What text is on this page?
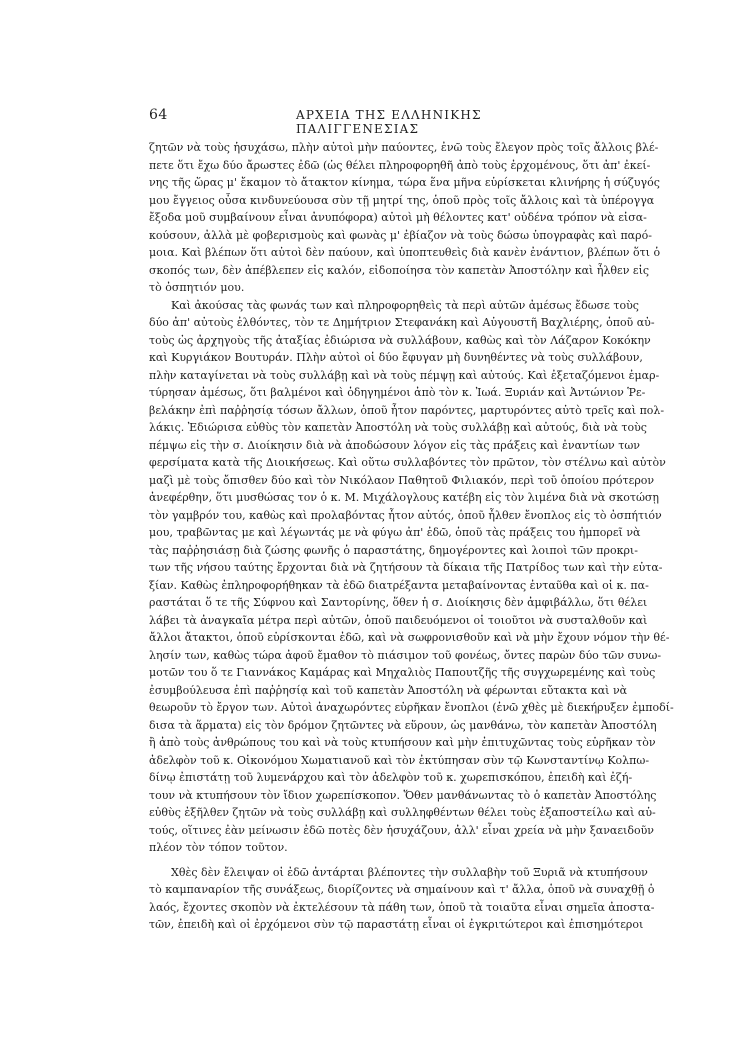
64	ΑΡΧΕΙΑ ΤΗΣ ΕΛΛΗΝΙΚΗΣ ΠΑΛΙΓΓΕΝΕΣΙΑΣ

ζητῶν νὰ τοὺς ἡσυχάσω, πλὴν αὐτοὶ μὴν παύοντες, ἐνῶ τοὺς ἔλεγον πρὸς τοῖς ἄλλοις βλέ-
πετε ὅτι ἔχω δύο ἄρωστες ἐδῶ (ὡς θέλει πληροφορηθῆ ἀπὸ τοὺς ἐρχομένους, ὅτι ἀπ' ἐκεί-
νης τῆς ὥρας μ' ἔκαμον τὸ ἄτακτον κίνημα, τώρα ἕνα μῆνα εὑρίσκεται κλινήρης ἡ σύζυγός
μου ἔγγειος οὖσα κινδυνεύουσα σὺν τῇ μητρί της, ὁποῦ πρὸς τοῖς ἄλλοις καὶ τὰ ὑπέρογγα
ἔξοδα μοῦ συμβαίνουν εἶναι ἀνυπόφορα) αὐτοὶ μὴ θέλοντες κατ' οὐδένα τρόπον νὰ εἰσα-
κούσουν, ἀλλὰ μὲ φοβερισμοὺς καὶ φωνὰς μ' ἐβίαζον νὰ τοὺς δώσω ὑπογραφὰς καὶ παρό-
μοια. Καὶ βλέπων ὅτι αὐτοὶ δὲν παύουν, καὶ ὑποπτευθεὶς διὰ κανὲν ἐνάντιον, βλέπων ὅτι ὁ
σκοπός των, δὲν ἀπέβλεπεν εἰς καλόν, εἰδοποίησα τὸν καπετὰν Ἀποστόλην καὶ ἦλθεν εἰς
τὸ ὀσπητιόν μου.

Καὶ ἀκούσας τὰς φωνάς των καὶ πληροφορηθεὶς τὰ περὶ αὐτῶν ἀμέσως ἔδωσε τοὺς
δύο ἀπ' αὐτοὺς ἐλθόντες, τὸν τε Δημήτριον Στεφανάκη καὶ Αὐγουστῆ Βαχλιέρης, ὁποῦ αὐ-
τοὺς ὡς ἀρχηγοὺς τῆς ἀταξίας ἐδιώρισα νὰ συλλάβουν, καθὼς καὶ τὸν Λάζαρον Κοκόκην
καὶ Κυργιάκον Βουτυράν. Πλὴν αὐτοὶ οἱ δύο ἔφυγαν μὴ δυνηθέντες νὰ τοὺς συλλάβουν,
πλὴν καταγίνεται νὰ τοὺς συλλάβῃ καὶ νὰ τοὺς πέμψῃ καὶ αὐτούς. Καὶ ἐξεταζόμενοι ἐμαρ-
τύρησαν ἀμέσως, ὅτι βαλμένοι καὶ ὁδηγημένοι ἀπὸ τὸν κ. Ἰωά. Ξυριάν καὶ Ἀντώνιον Ῥε-
βελάκην ἐπὶ παῤῥησίᾳ τόσων ἄλλων, ὁποῦ ἦτον παρόντες, μαρτυρόντες αὐτὸ τρεῖς καὶ πολ-
λάκις. Ἐδιώρισα εὐθὺς τὸν καπετὰν Ἀποστόλη νὰ τοὺς συλλάβῃ καὶ αὐτούς, διὰ νὰ τοὺς
πέμψω εἰς τὴν σ. Διοίκησιν διὰ νὰ ἀποδώσουν λόγον εἰς τὰς πράξεις καὶ ἐναντίων των
φερσίματα κατὰ τῆς Διοικήσεως. Καὶ οὕτω συλλαβόντες τὸν πρῶτον, τὸν στέλνω καὶ αὐτὸν
μαζὶ μὲ τοὺς ὄπισθεν δύο καὶ τὸν Νικόλαον Παθητοῦ Φιλιακόν, περὶ τοῦ ὁποίου πρότερον
ἀνεφέρθην, ὅτι μυσθώσας τον ὁ κ. Μ. Μιχάλογλους κατέβη εἰς τὸν λιμένα διὰ νὰ σκοτώσῃ
τὸν γαμβρόν του, καθὼς καὶ προλαβόντας ἦτον αὐτός, ὁποῦ ἦλθεν ἔνοπλος εἰς τὸ ὀσπήτιόν
μου, τραβῶντας με καὶ λέγωντάς με νὰ φύγω ἀπ' ἐδῶ, ὁποῦ τὰς πράξεις του ἠμπορεῖ νὰ
τὰς παῤῥησιάσῃ διὰ ζώσης φωνῆς ὁ παραστάτης, δημογέροντες καὶ λοιποὶ τῶν προκρι-
των τῆς νήσου ταύτης ἔρχονται διὰ νὰ ζητήσουν τὰ δίκαια τῆς Πατρίδος των καὶ τὴν εὐτα-
ξίαν. Καθὼς ἐπληροφορήθηκαν τὰ ἐδῶ διατρέξαντα μεταβαίνοντας ἐνταῦθα καὶ οἱ κ. πα-
ραστάται ὅ τε τῆς Σύφνου καὶ Σαντορίνης, ὅθεν ἡ σ. Διοίκησις δὲν ἀμφιβάλλω, ὅτι θέλει
λάβει τὰ ἀναγκαῖα μέτρα περὶ αὐτῶν, ὁποῦ παιδευόμενοι οἱ τοιοῦτοι νὰ συσταλθοῦν καὶ
ἄλλοι ἄτακτοι, ὁποῦ εὑρίσκονται ἐδῶ, καὶ νὰ σωφρονισθοῦν καὶ νὰ μὴν ἔχουν νόμον τὴν θέ-
λησίν των, καθὼς τώρα ἀφοῦ ἔμαθον τὸ πιάσιμον τοῦ φονέως, ὄντες παρὼν δύο τῶν συνω-
μοτῶν του ὅ τε Γιαννάκος Καμάρας καὶ Μηχαλιὸς Παπουτζῆς τῆς συγχωρεμένης καὶ τοὺς
ἐσυμβούλευσα ἐπὶ παῤῥησίᾳ καὶ τοῦ καπετὰν Ἀποστόλη νὰ φέρωνται εὔτακτα καὶ νὰ
θεωροῦν τὸ ἔργον των. Αὐτοὶ ἀναχωρόντες εὑρῆκαν ἔνοπλοι (ἐνῶ χθὲς μὲ διεκήρυξεν ἐμποδί-
δισα τὰ ἅρματα) εἰς τὸν δρόμον ζητῶντες νὰ εὕρουν, ὡς μανθάνω, τὸν καπετὰν Ἀποστόλη
ἢ ἀπὸ τοὺς ἀνθρώπους του καὶ νὰ τοὺς κτυπήσουν καὶ μὴν ἐπιτυχῶντας τοὺς εὑρῆκαν τὸν
ἀδελφὸν τοῦ κ. Οἰκονόμου Χωματιανοῦ καὶ τὸν ἐκτύπησαν σὺν τῷ Κωνσταντίνῳ Κολπω-
δίνῳ ἐπιστάτῃ τοῦ λυμενάρχου καὶ τὸν ἀδελφὸν τοῦ κ. χωρεπισκόπου, ἐπειδὴ καὶ ἐζή-
τουν νὰ κτυπήσουν τὸν ἴδιον χωρεπίσκοπον. Ὅθεν μανθάνωντας τὸ ὁ καπετὰν Ἀποστόλης
εὐθὺς ἐξῆλθεν ζητῶν νὰ τοὺς συλλάβῃ καὶ συλληφθέντων θέλει τοὺς ἐξαποστείλω καὶ αὐ-
τούς, οἵτινες ἐὰν μείνωσιν ἐδῶ ποτὲς δὲν ἡσυχάζουν, ἀλλ' εἶναι χρεία νὰ μὴν ξαναειδοῦν
πλέον τὸν τόπον τοῦτον.

Χθὲς δὲν ἔλειψαν οἱ ἐδῶ ἀντάρται βλέποντες τὴν συλλαβὴν τοῦ Ξυριᾶ νὰ κτυπήσουν
τὸ καμπαναρίον τῆς συνάξεως, διορίζοντες νὰ σημαίνουν καὶ τ' ἄλλα, ὁποῦ νὰ συναχθῇ ὁ
λαός, ἔχοντες σκοπὸν νὰ ἐκτελέσουν τὰ πάθη των, ὁποῦ τὰ τοιαῦτα εἶναι σημεῖα ἀποστα-
τῶν, ἐπειδὴ καὶ οἱ ἐρχόμενοι σὺν τῷ παραστάτῃ εἶναι οἱ ἐγκριτώτεροι καὶ ἐπισημότεροι
